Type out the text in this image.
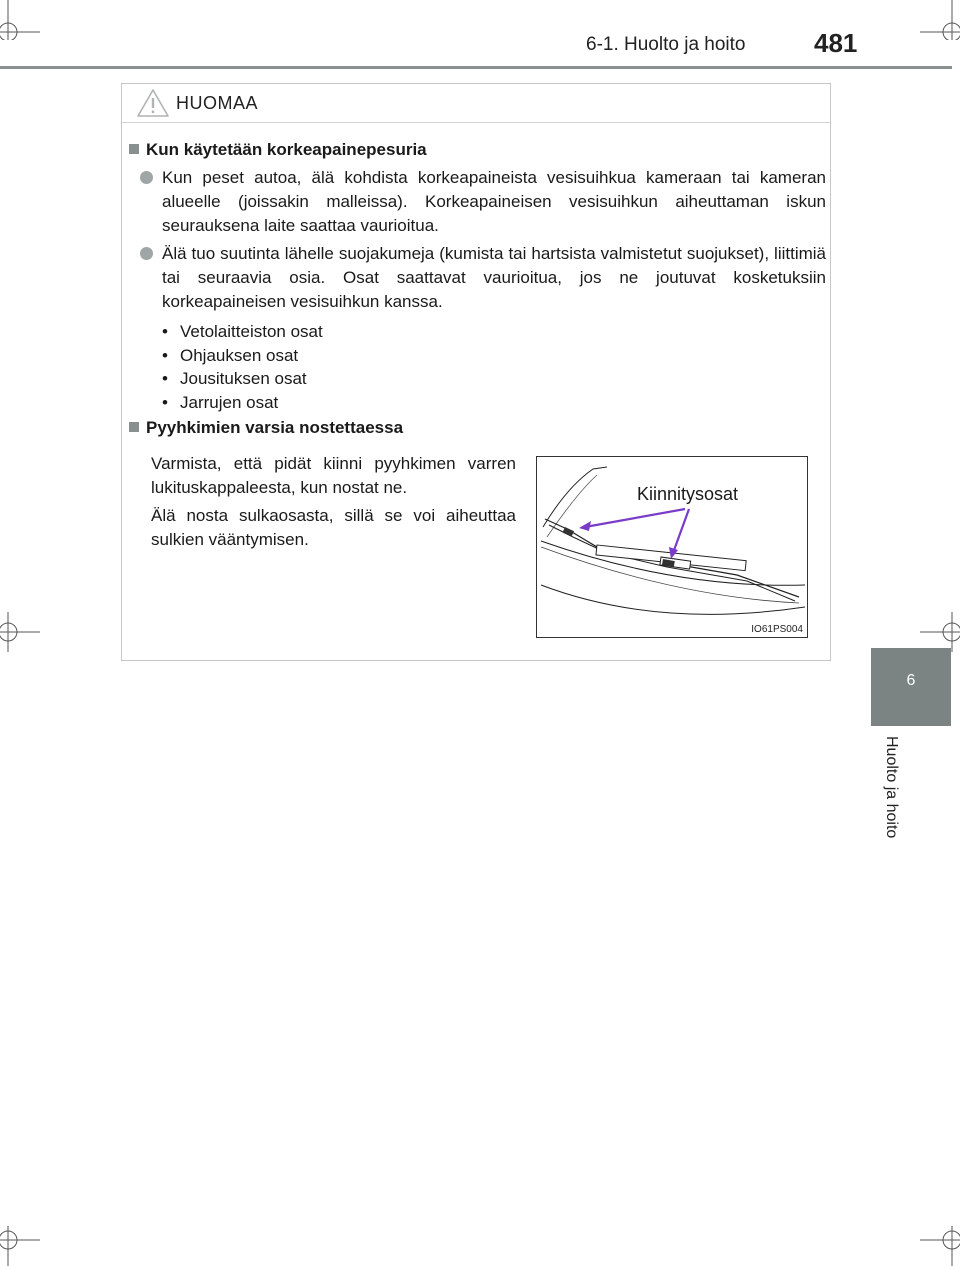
6-1. Huolto ja hoito	481
6
Huolto ja hoito
HUOMAA
Kun käytetään korkeapainepesuria
Kun peset autoa, älä kohdista korkeapaineista vesisuihkua kameraan tai kameran alueelle (joissakin malleissa). Korkeapaineisen vesisuihkun aiheuttaman iskun seurauksena laite saattaa vaurioitua.
Älä tuo suutinta lähelle suojakumeja (kumista tai hartsista valmistetut suojukset), liittimiä tai seuraavia osia. Osat saattavat vaurioitua, jos ne joutuvat kosketuksiin korkeapaineisen vesisuihkun kanssa.
• Vetolaitteiston osat
• Ohjauksen osat
• Jousituksen osat
• Jarrujen osat
Pyyhkimien varsia nostettaessa
Varmista, että pidät kiinni pyyhkimen varren lukituskappaleesta, kun nostat ne.
Älä nosta sulkaosasta, sillä se voi aiheuttaa sulkien vääntymisen.
Kiinnitysosat
IO61PS004
